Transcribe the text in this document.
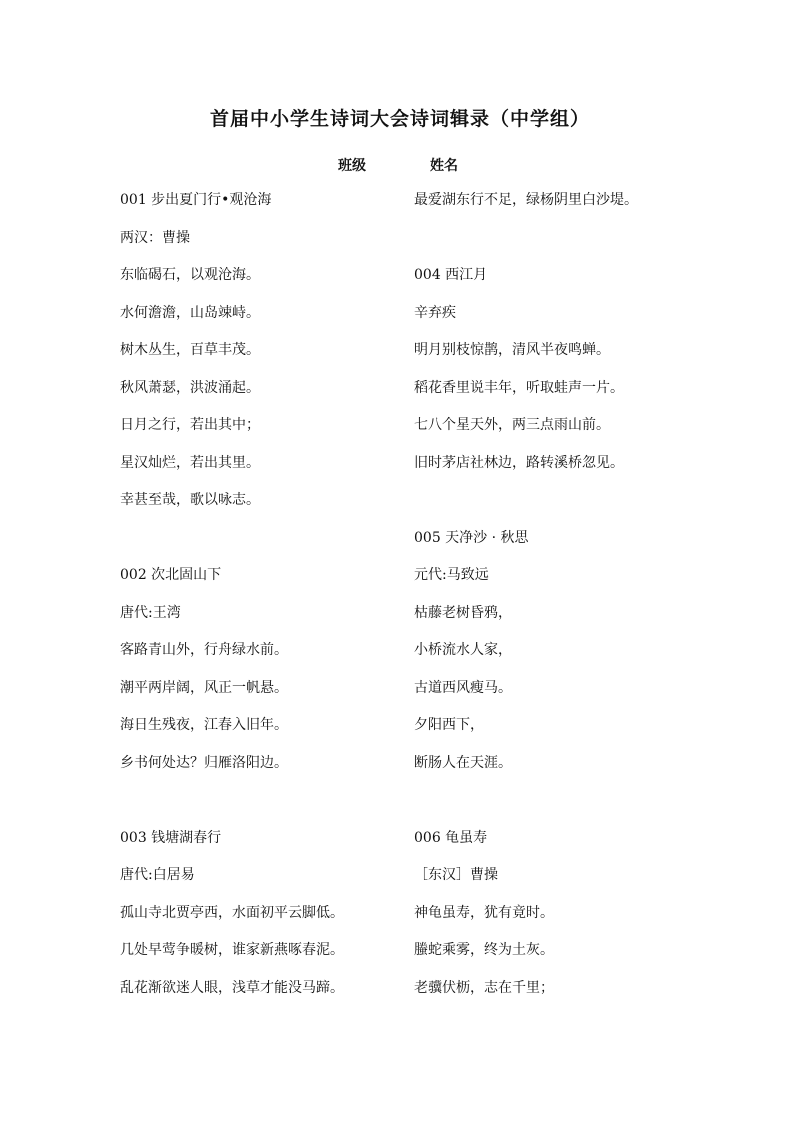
首届中小学生诗词大会诗词辑录（中学组）
班级	姓名
001 步出夏门行•观沧海
两汉：曹操
东临碣石，以观沧海。
水何澹澹，山岛竦峙。
树木丛生，百草丰茂。
秋风萧瑟，洪波涌起。
日月之行，若出其中；
星汉灿烂，若出其里。
幸甚至哉，歌以咏志。
002 次北固山下
唐代:王湾
客路青山外，行舟绿水前。
潮平两岸阔，风正一帆悬。
海日生残夜，江春入旧年。
乡书何处达？归雁洛阳边。
003 钱塘湖春行
唐代:白居易
孤山寺北贾亭西，水面初平云脚低。
几处早莺争暖树，谁家新燕啄春泥。
乱花渐欲迷人眼，浅草才能没马蹄。
最爱湖东行不足，绿杨阴里白沙堤。
004 西江月
辛弃疾
明月别枝惊鹊，清风半夜鸣蝉。
稻花香里说丰年，听取蛙声一片。
七八个星天外，两三点雨山前。
旧时茅店社林边，路转溪桥忽见。
005 天净沙 · 秋思
元代:马致远
枯藤老树昏鸦，
小桥流水人家，
古道西风瘦马。
夕阳西下，
断肠人在天涯。
006 龟虽寿
［东汉］曹操
神龟虽寿，犹有竟时。
螣蛇乘雾，终为土灰。
老骥伏枥，志在千里；
